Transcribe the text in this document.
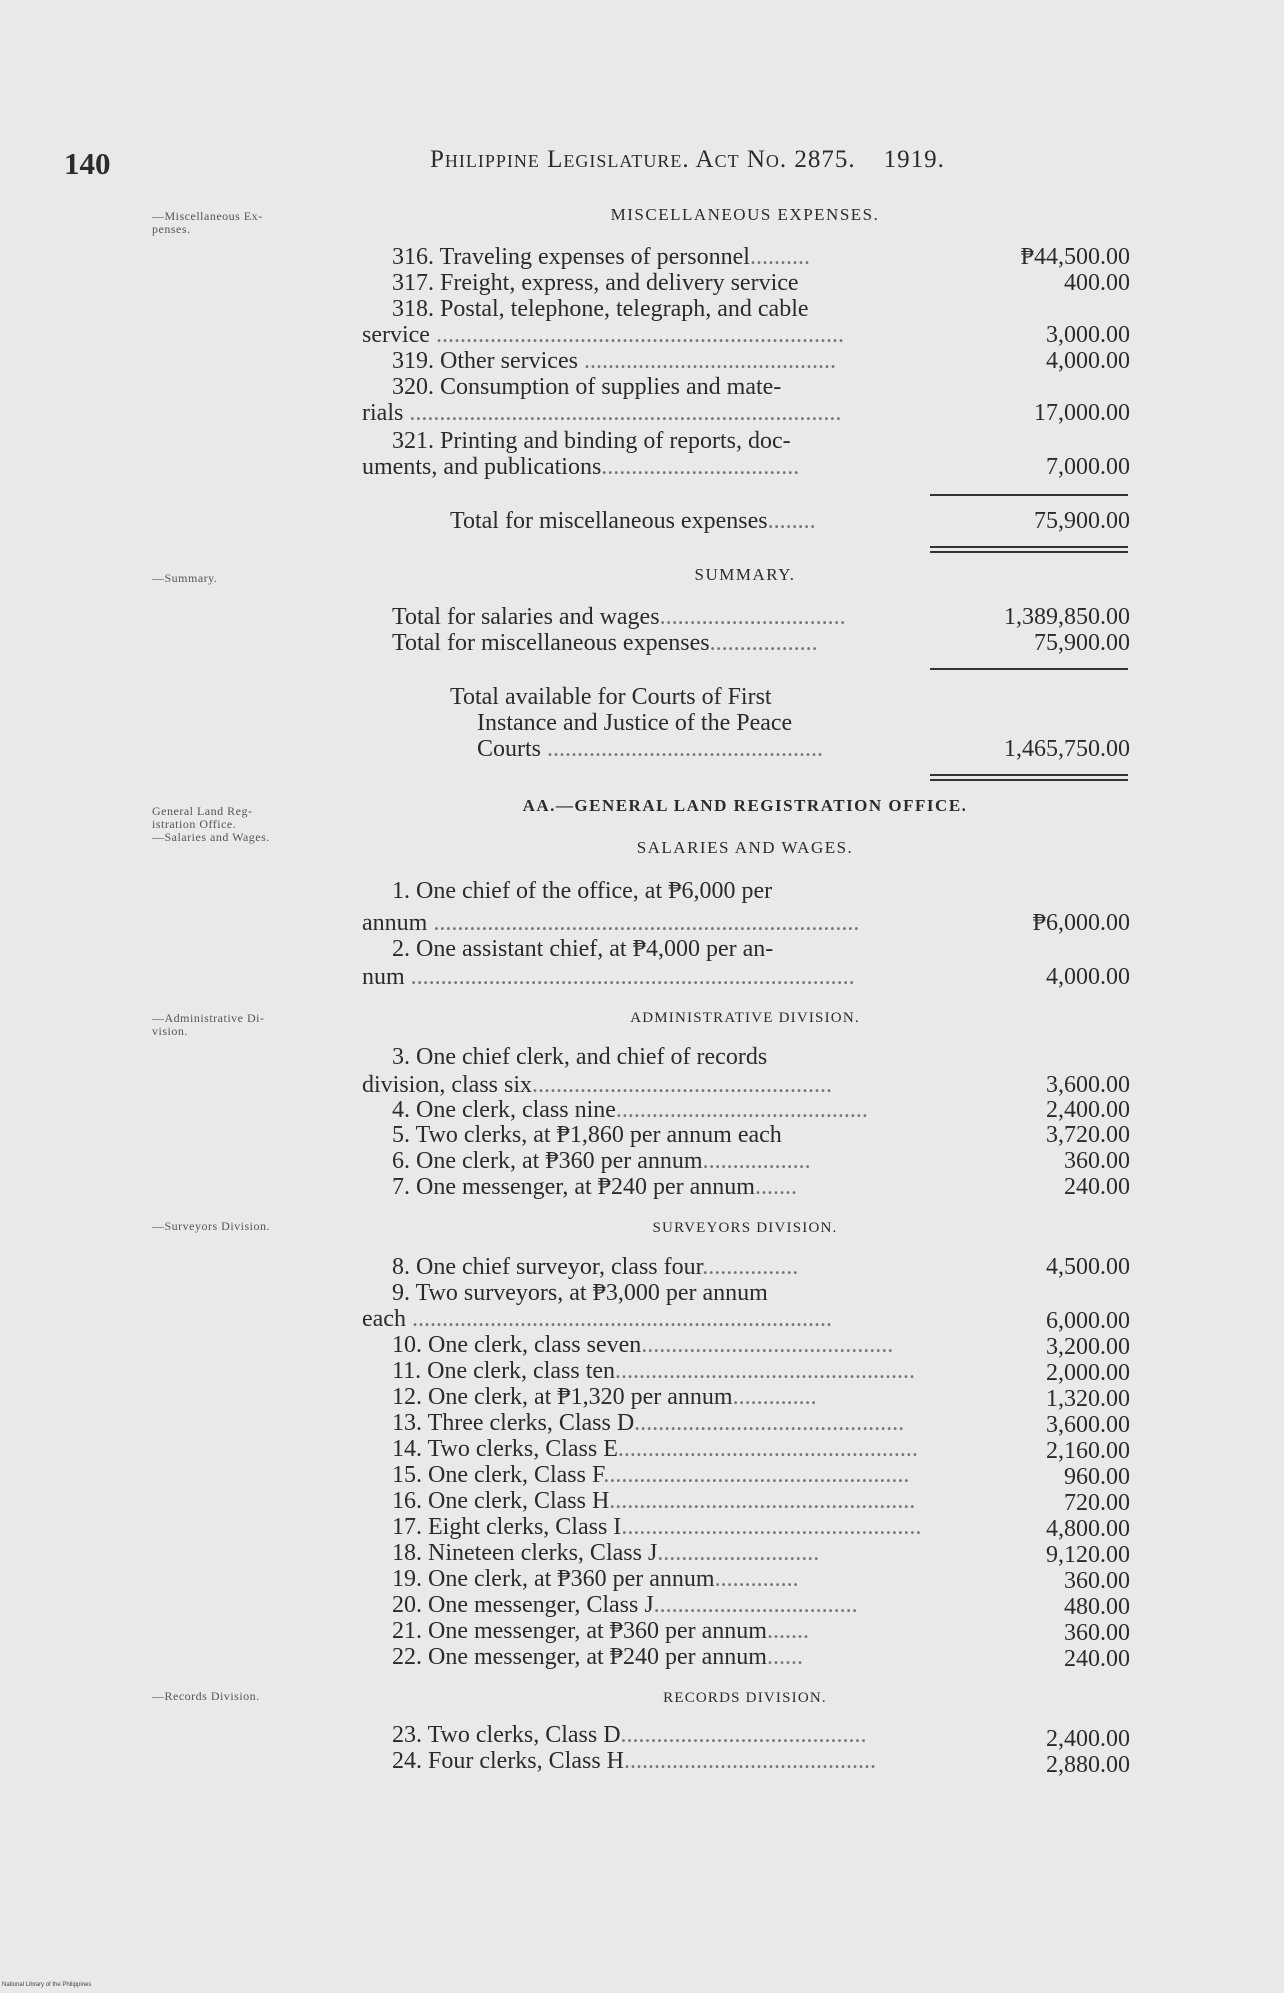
140	Philippine Legislature. Act No. 2875. 1919.
—Miscellaneous Ex-
penses.
—Summary.
General Land Reg-
istration Office.
—Salaries and Wages.
—Administrative Di-
vision.
—Surveyors Division.
—Records Division.
MISCELLANEOUS EXPENSES.
316. Traveling expenses of personnel..........	₱44,500.00
317. Freight, express, and delivery service	400.00
318. Postal, telephone, telegraph, and cable
service ....................................................................	3,000.00
319. Other services ..........................................	4,000.00
320. Consumption of supplies and mate-
rials ........................................................................	17,000.00
321. Printing and binding of reports, doc-
uments, and publications.................................	7,000.00
Total for miscellaneous expenses........	75,900.00
SUMMARY.
Total for salaries and wages...............................	1,389,850.00
Total for miscellaneous expenses..................	75,900.00
Total available for Courts of First
Instance and Justice of the Peace
Courts ..............................................	1,465,750.00
AA.—GENERAL LAND REGISTRATION OFFICE.
SALARIES AND WAGES.
1. One chief of the office, at ₱6,000 per
annum .......................................................................	₱6,000.00
2. One assistant chief, at ₱4,000 per an-
num ..........................................................................	4,000.00
ADMINISTRATIVE DIVISION.
3. One chief clerk, and chief of records
division, class six..................................................	3,600.00
4. One clerk, class nine..........................................	2,400.00
5. Two clerks, at ₱1,860 per annum each	3,720.00
6. One clerk, at ₱360 per annum..................	360.00
7. One messenger, at ₱240 per annum.......	240.00
SURVEYORS DIVISION.
8. One chief surveyor, class four................	4,500.00
9. Two surveyors, at ₱3,000 per annum
each ......................................................................	6,000.00
10. One clerk, class seven..........................................	3,200.00
11. One clerk, class ten..................................................	2,000.00
12. One clerk, at ₱1,320 per annum..............	1,320.00
13. Three clerks, Class D.............................................	3,600.00
14. Two clerks, Class E..................................................	2,160.00
15. One clerk, Class F...................................................	960.00
16. One clerk, Class H...................................................	720.00
17. Eight clerks, Class I..................................................	4,800.00
18. Nineteen clerks, Class J...........................	9,120.00
19. One clerk, at ₱360 per annum..............	360.00
20. One messenger, Class J..................................	480.00
21. One messenger, at ₱360 per annum.......	360.00
22. One messenger, at ₱240 per annum......	240.00
RECORDS DIVISION.
23. Two clerks, Class D.........................................	2,400.00
24. Four clerks, Class H..........................................	2,880.00
National Library of the Philippines
